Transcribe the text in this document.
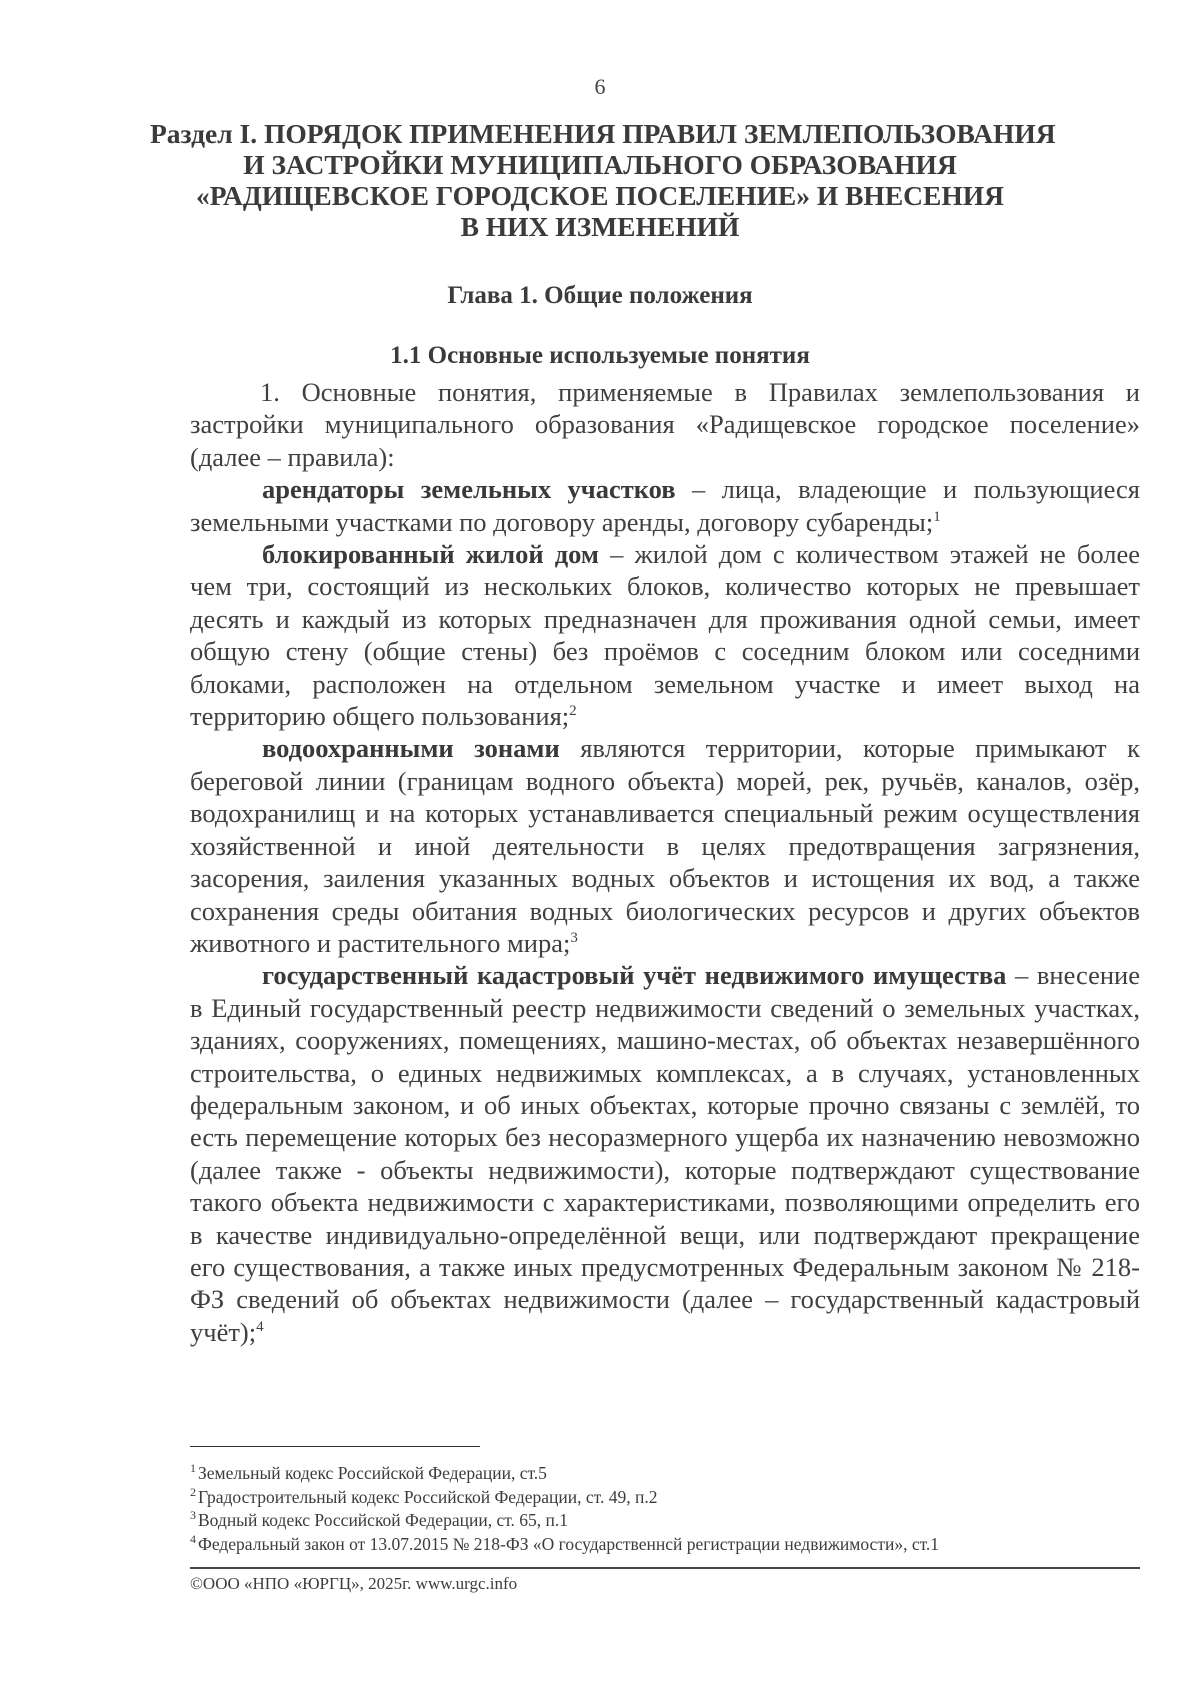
6
Раздел I. ПОРЯДОК ПРИМЕНЕНИЯ ПРАВИЛ ЗЕМЛЕПОЛЬЗОВАНИЯ
И ЗАСТРОЙКИ МУНИЦИПАЛЬНОГО ОБРАЗОВАНИЯ
«РАДИЩЕВСКОЕ ГОРОДСКОЕ ПОСЕЛЕНИЕ» И ВНЕСЕНИЯ
В НИХ ИЗМЕНЕНИЙ
Глава 1. Общие положения
1.1 Основные используемые понятия

1. Основные понятия, применяемые в Правилах землепользования и застройки муниципального образования «Радищевское городское поселение» (далее – правила):

арендаторы земельных участков – лица, владеющие и пользующиеся земельными участками по договору аренды, договору субаренды;$^1$

блокированный жилой дом – жилой дом с количеством этажей не более чем три, состоящий из нескольких блоков, количество которых не превышает десять и каждый из которых предназначен для проживания одной семьи, имеет общую стену (общие стены) без проёмов с соседним блоком или соседними блоками, расположен на отдельном земельном участке и имеет выход на территорию общего пользования;$^2$

водоохранными зонами являются территории, которые примыкают к береговой линии (границам водного объекта) морей, рек, ручьёв, каналов, озёр, водохранилищ и на которых устанавливается специальный режим осуществления хозяйственной и иной деятельности в целях предотвращения загрязнения, засорения, заиления указанных водных объектов и истощения их вод, а также сохранения среды обитания водных биологических ресурсов и других объектов животного и растительногo мира;$^3$

государственный кадастровый учёт недвижимого имущества – внесение в Единый государственный реестр недвижимости сведений о земельных участках, зданиях, сооружениях, помещениях, машино-местах, об объектах незавершённого строительства, о единых недвижимых комплексах, а в случаях, установленных федеральным законом, и об иных объектах, которые прочно связаны с землёй, то есть перемещение которых без несоразмерного ущерба их назначению невозможно (далее также - объекты недвижимости), которые подтверждают существование такого объекта недвижимости с характеристиками, позволяющими определить его в качестве индивидуально-определённой вещи, или подтверждают прекращение его существования, а также иных предусмотренных Федеральным законом № 218-ФЗ сведений об объектах недвижимости (далее – государственный кадастровый учёт);$^4$

$^1$ Земельный кодекс Российской Федерации, ст.5
$^2$ Градостроительный кодекс Российской Федерации, ст. 49, п.2
$^3$ Водный кодекс Российской Федерации, ст. 65, п.1
$^4$ Федеральный закон от 13.07.2015 № 218-ФЗ «О государственнсй регистрации недвижимости», ст.1
©ООО «НПО «ЮРГЦ», 2025г. www.urgc.info
